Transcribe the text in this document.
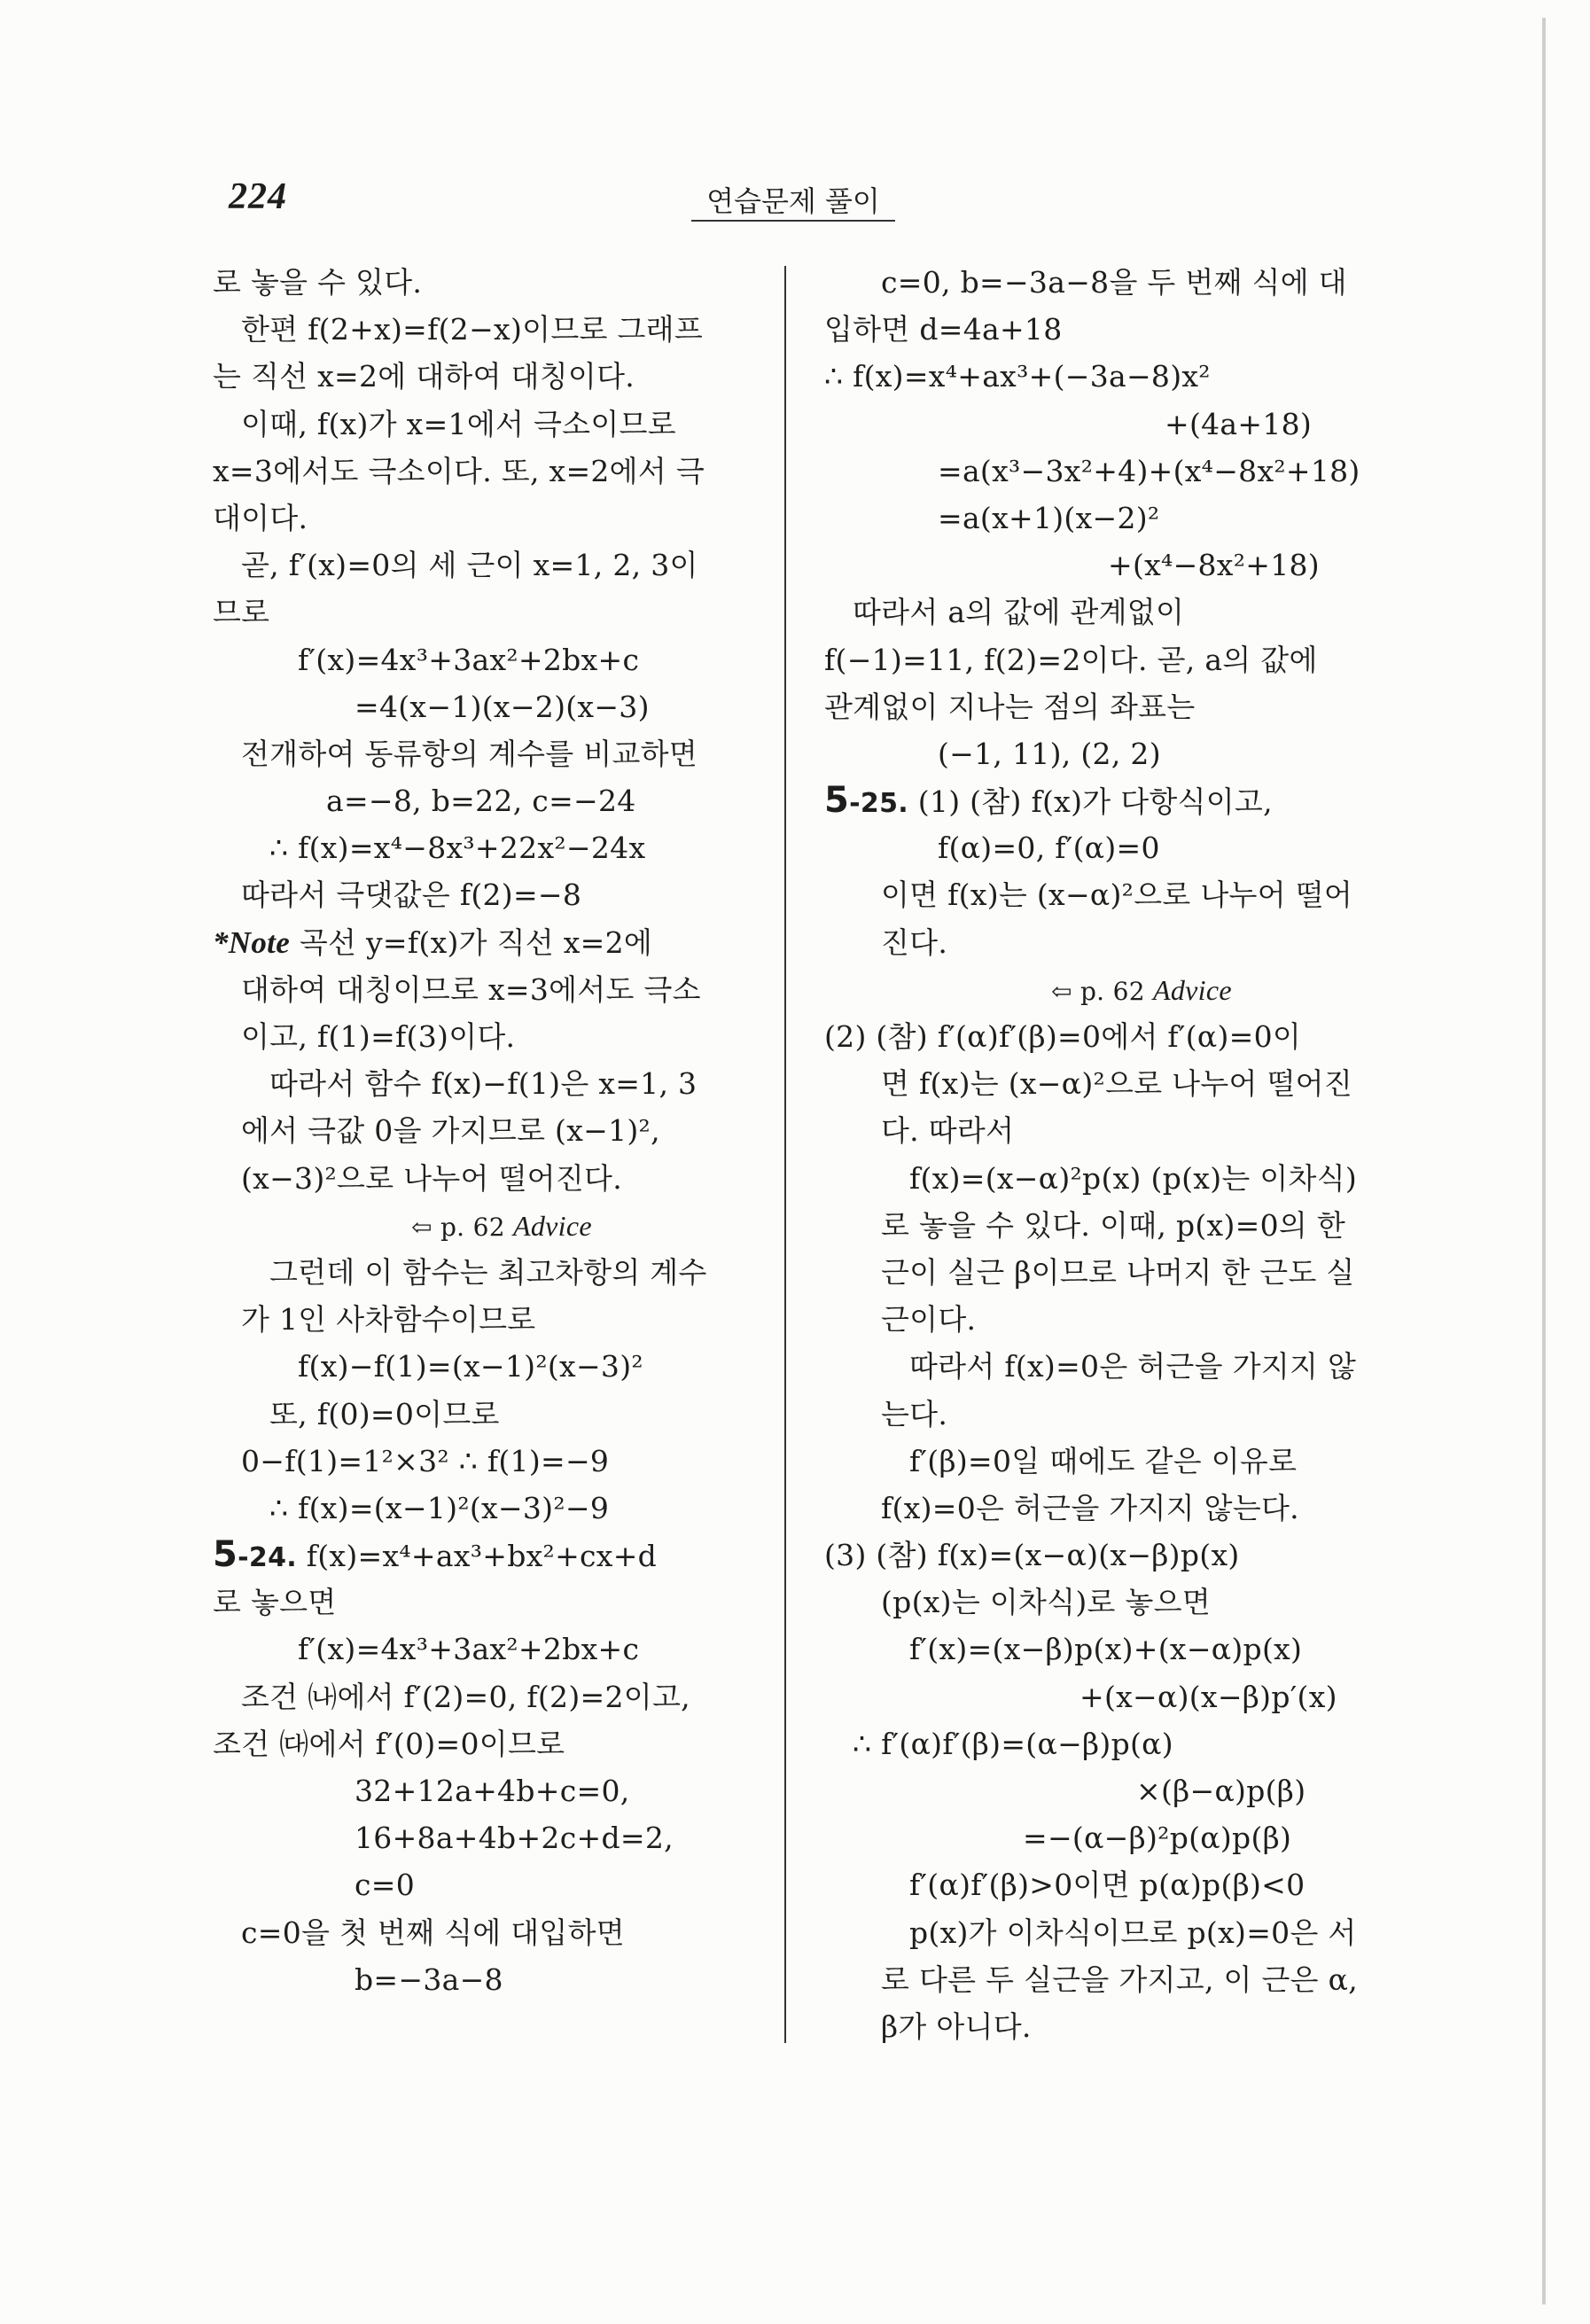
224	연습문제 풀이
로 놓을 수 있다.
한편 f(2+x)=f(2−x)이므로 그래프
는 직선 x=2에 대하여 대칭이다.
이때, f(x)가 x=1에서 극소이므로
x=3에서도 극소이다. 또, x=2에서 극
대이다.
곧, f′(x)=0의 세 근이 x=1, 2, 3이
므로
f′(x)=4x³+3ax²+2bx+c
=4(x−1)(x−2)(x−3)
전개하여 동류항의 계수를 비교하면
a=−8, b=22, c=−24
∴ f(x)=x⁴−8x³+22x²−24x
따라서 극댓값은 f(2)=−8
*Note 곡선 y=f(x)가 직선 x=2에
대하여 대칭이므로 x=3에서도 극소
이고, f(1)=f(3)이다.
따라서 함수 f(x)−f(1)은 x=1, 3
에서 극값 0을 가지므로 (x−1)²,
(x−3)²으로 나누어 떨어진다.
⇦ p. 62 Advice
그런데 이 함수는 최고차항의 계수
가 1인 사차함수이므로
f(x)−f(1)=(x−1)²(x−3)²
또, f(0)=0이므로
0−f(1)=1²×3² ∴ f(1)=−9
∴ f(x)=(x−1)²(x−3)²−9
5-24. f(x)=x⁴+ax³+bx²+cx+d
로 놓으면
f′(x)=4x³+3ax²+2bx+c
조건 ㈏에서 f′(2)=0, f(2)=2이고,
조건 ㈐에서 f′(0)=0이므로
32+12a+4b+c=0,
16+8a+4b+2c+d=2,
c=0
c=0을 첫 번째 식에 대입하면
b=−3a−8
c=0, b=−3a−8을 두 번째 식에 대
입하면 d=4a+18
∴ f(x)=x⁴+ax³+(−3a−8)x²
+(4a+18)
=a(x³−3x²+4)+(x⁴−8x²+18)
=a(x+1)(x−2)²
+(x⁴−8x²+18)
따라서 a의 값에 관계없이
f(−1)=11, f(2)=2이다. 곧, a의 값에
관계없이 지나는 점의 좌표는
(−1, 11), (2, 2)
5-25. (1) (참) f(x)가 다항식이고,
f(α)=0, f′(α)=0
이면 f(x)는 (x−α)²으로 나누어 떨어
진다.
⇦ p. 62 Advice
(2) (참) f′(α)f′(β)=0에서 f′(α)=0이
면 f(x)는 (x−α)²으로 나누어 떨어진
다. 따라서
f(x)=(x−α)²p(x) (p(x)는 이차식)
로 놓을 수 있다. 이때, p(x)=0의 한
근이 실근 β이므로 나머지 한 근도 실
근이다.
따라서 f(x)=0은 허근을 가지지 않
는다.
f′(β)=0일 때에도 같은 이유로
f(x)=0은 허근을 가지지 않는다.
(3) (참) f(x)=(x−α)(x−β)p(x)
(p(x)는 이차식)로 놓으면
f′(x)=(x−β)p(x)+(x−α)p(x)
+(x−α)(x−β)p′(x)
∴ f′(α)f′(β)=(α−β)p(α)
×(β−α)p(β)
=−(α−β)²p(α)p(β)
f′(α)f′(β)>0이면 p(α)p(β)<0
p(x)가 이차식이므로 p(x)=0은 서
로 다른 두 실근을 가지고, 이 근은 α,
β가 아니다.
